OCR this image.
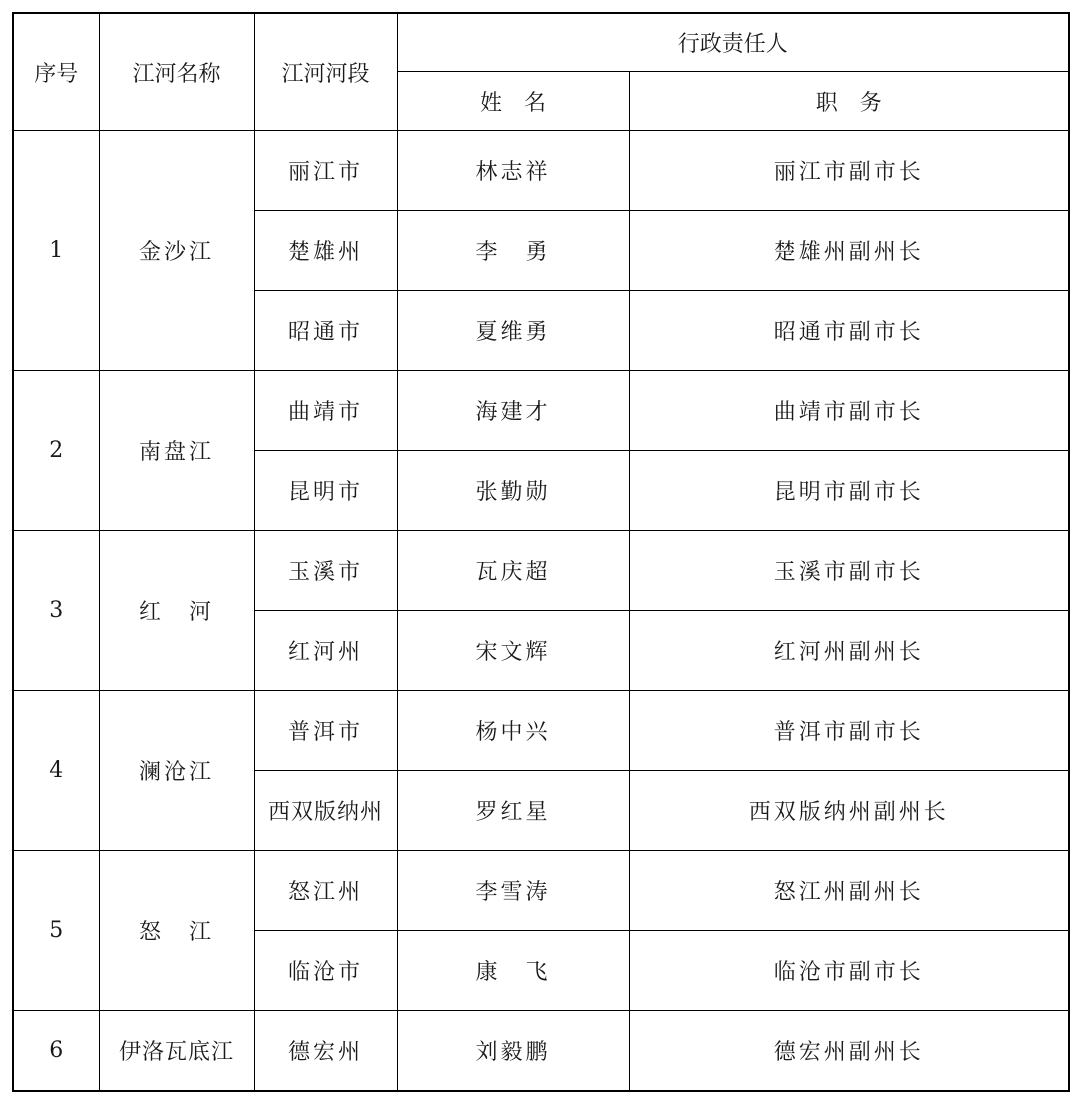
序号	江河名称	江河河段	行政责任人	
			姓　名	职　务
1	金沙江	丽江市	林志祥	丽江市副市长
		楚雄州	李　勇	楚雄州副州长
		昭通市	夏维勇	昭通市副市长
2	南盘江	曲靖市	海建才	曲靖市副市长
		昆明市	张勤勋	昆明市副市长
3	红　河	玉溪市	瓦庆超	玉溪市副市长
		红河州	宋文辉	红河州副州长
4	澜沧江	普洱市	杨中兴	普洱市副市长
		西双版纳州	罗红星	西双版纳州副州长
5	怒　江	怒江州	李雪涛	怒江州副州长
		临沧市	康　飞	临沧市副市长
6	伊洛瓦底江	德宏州	刘毅鹏	德宏州副州长
